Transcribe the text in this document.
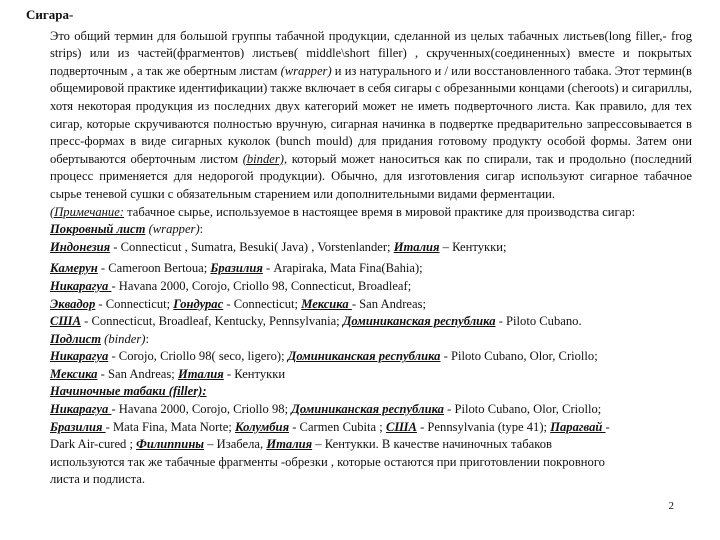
Сигара-

Это общий термин для большой группы табачной продукции, сделанной из целых табачных листьев(long filler,- frog strips) или из частей(фрагментов) листьев( middle\short filler) , скрученных(соединенных) вместе и покрытых подверточным , а так же обертным листам (wrapper) и из натурального и / или восстановленного табака. Этот термин(в общемировой практике идентификации) также включает в себя сигары с обрезанными концами (cheroots) и сигариллы, хотя некоторая продукция из последних двух категорий может не иметь подверточного листа. Как правило, для тех сигар, которые скручиваются полностью вручную, сигарная начинка в подвертке предварительно запрессовывается в пресс-формах в виде сигарных куколок (bunch mould) для придания готовому продукту особой формы. Затем они обертываются оберточным листом (binder), который может наноситься как по спирали, так и продольно (последний процесс применяется для недорогой продукции). Обычно, для изготовления сигар используют сигарное табачное сырье теневой сушки с обязательным старением или дополнительными видами ферментации.

(Примечание: табачное сырье, используемое в настоящее время в мировой практике для производства сигар:

Покровный лист (wrapper):

Индонезия - Connecticut , Sumatra, Besuki( Java) , Vorstenlander; Италия – Кентукки;

Камерун - Cameroon Bertoua; Бразилия - Arapiraka, Mata Fina(Bahia);

Никарагуа - Havana 2000, Corojo, Criollo 98, Connecticut, Broadleaf;

Эквадор - Connecticut; Гондурас - Connecticut; Мексика - San Andreas;

США - Connecticut, Broadleaf, Kentucky, Pennsylvania; Доминиканская республика - Piloto Cubano.

Подлист (binder):

Никарагуа - Corojo, Criollo 98( seco, ligero); Доминиканская республика - Piloto Cubano, Olor, Criollo;

Мексика - San Andreas; Италия - Кентукки

Начиночные табаки (filler):

Никарагуа - Havana 2000, Corojo, Criollo 98; Доминиканская республика - Piloto Cubano, Olor, Criollo;

Бразилия - Mata Fina, Mata Norte; Колумбия - Carmen Cubita ; США - Pennsylvania (type 41); Парагвай -

Dark Air-cured ; Филиппины – Изабела, Италия – Кентукки. В качестве начиночных табаков

используются так же табачные фрагменты -обрезки , которые остаются при приготовлении покровного

листа и подлиста.

2
